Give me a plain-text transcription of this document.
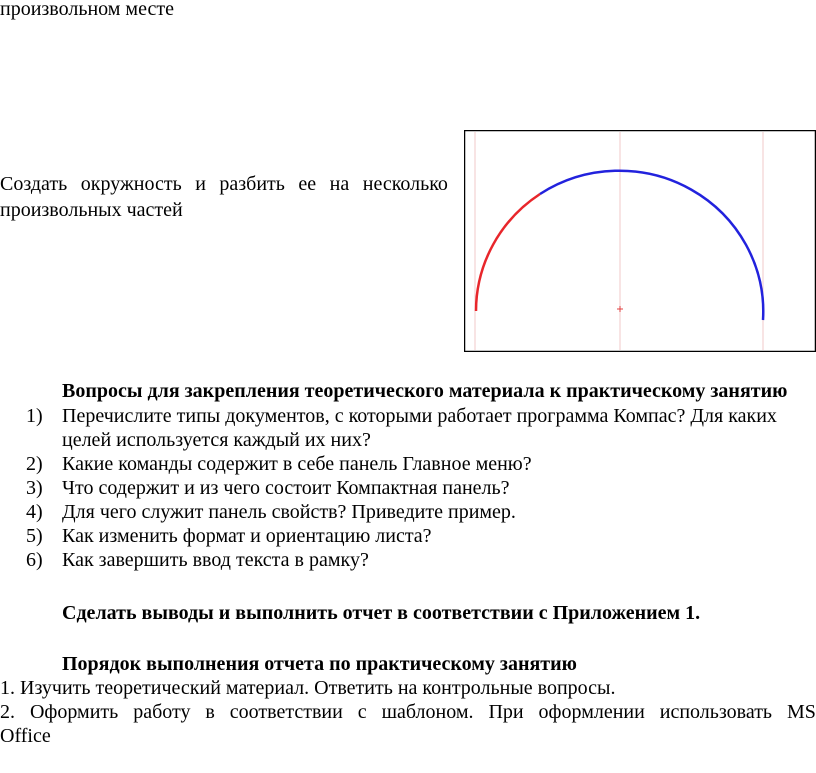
произвольном месте
Создать окружность и разбить ее на несколько
произвольных частей
Вопросы для закрепления теоретического материала к практическому занятию
1) Перечислите типы документов, с которыми работает программа Компас? Для каких
целей используется каждый их них?
2) Какие команды содержит в себе панель Главное меню?
3) Что содержит и из чего состоит Компактная панель?
4) Для чего служит панель свойств? Приведите пример.
5) Как изменить формат и ориентацию листа?
6) Как завершить ввод текста в рамку?
Сделать выводы и выполнить отчет в соответствии с Приложением 1.
Порядок выполнения отчета по практическому занятию
1. Изучить теоретический материал. Ответить на контрольные вопросы.
2. Оформить работу в соответствии с шаблоном. При оформлении использовать MS
Office
